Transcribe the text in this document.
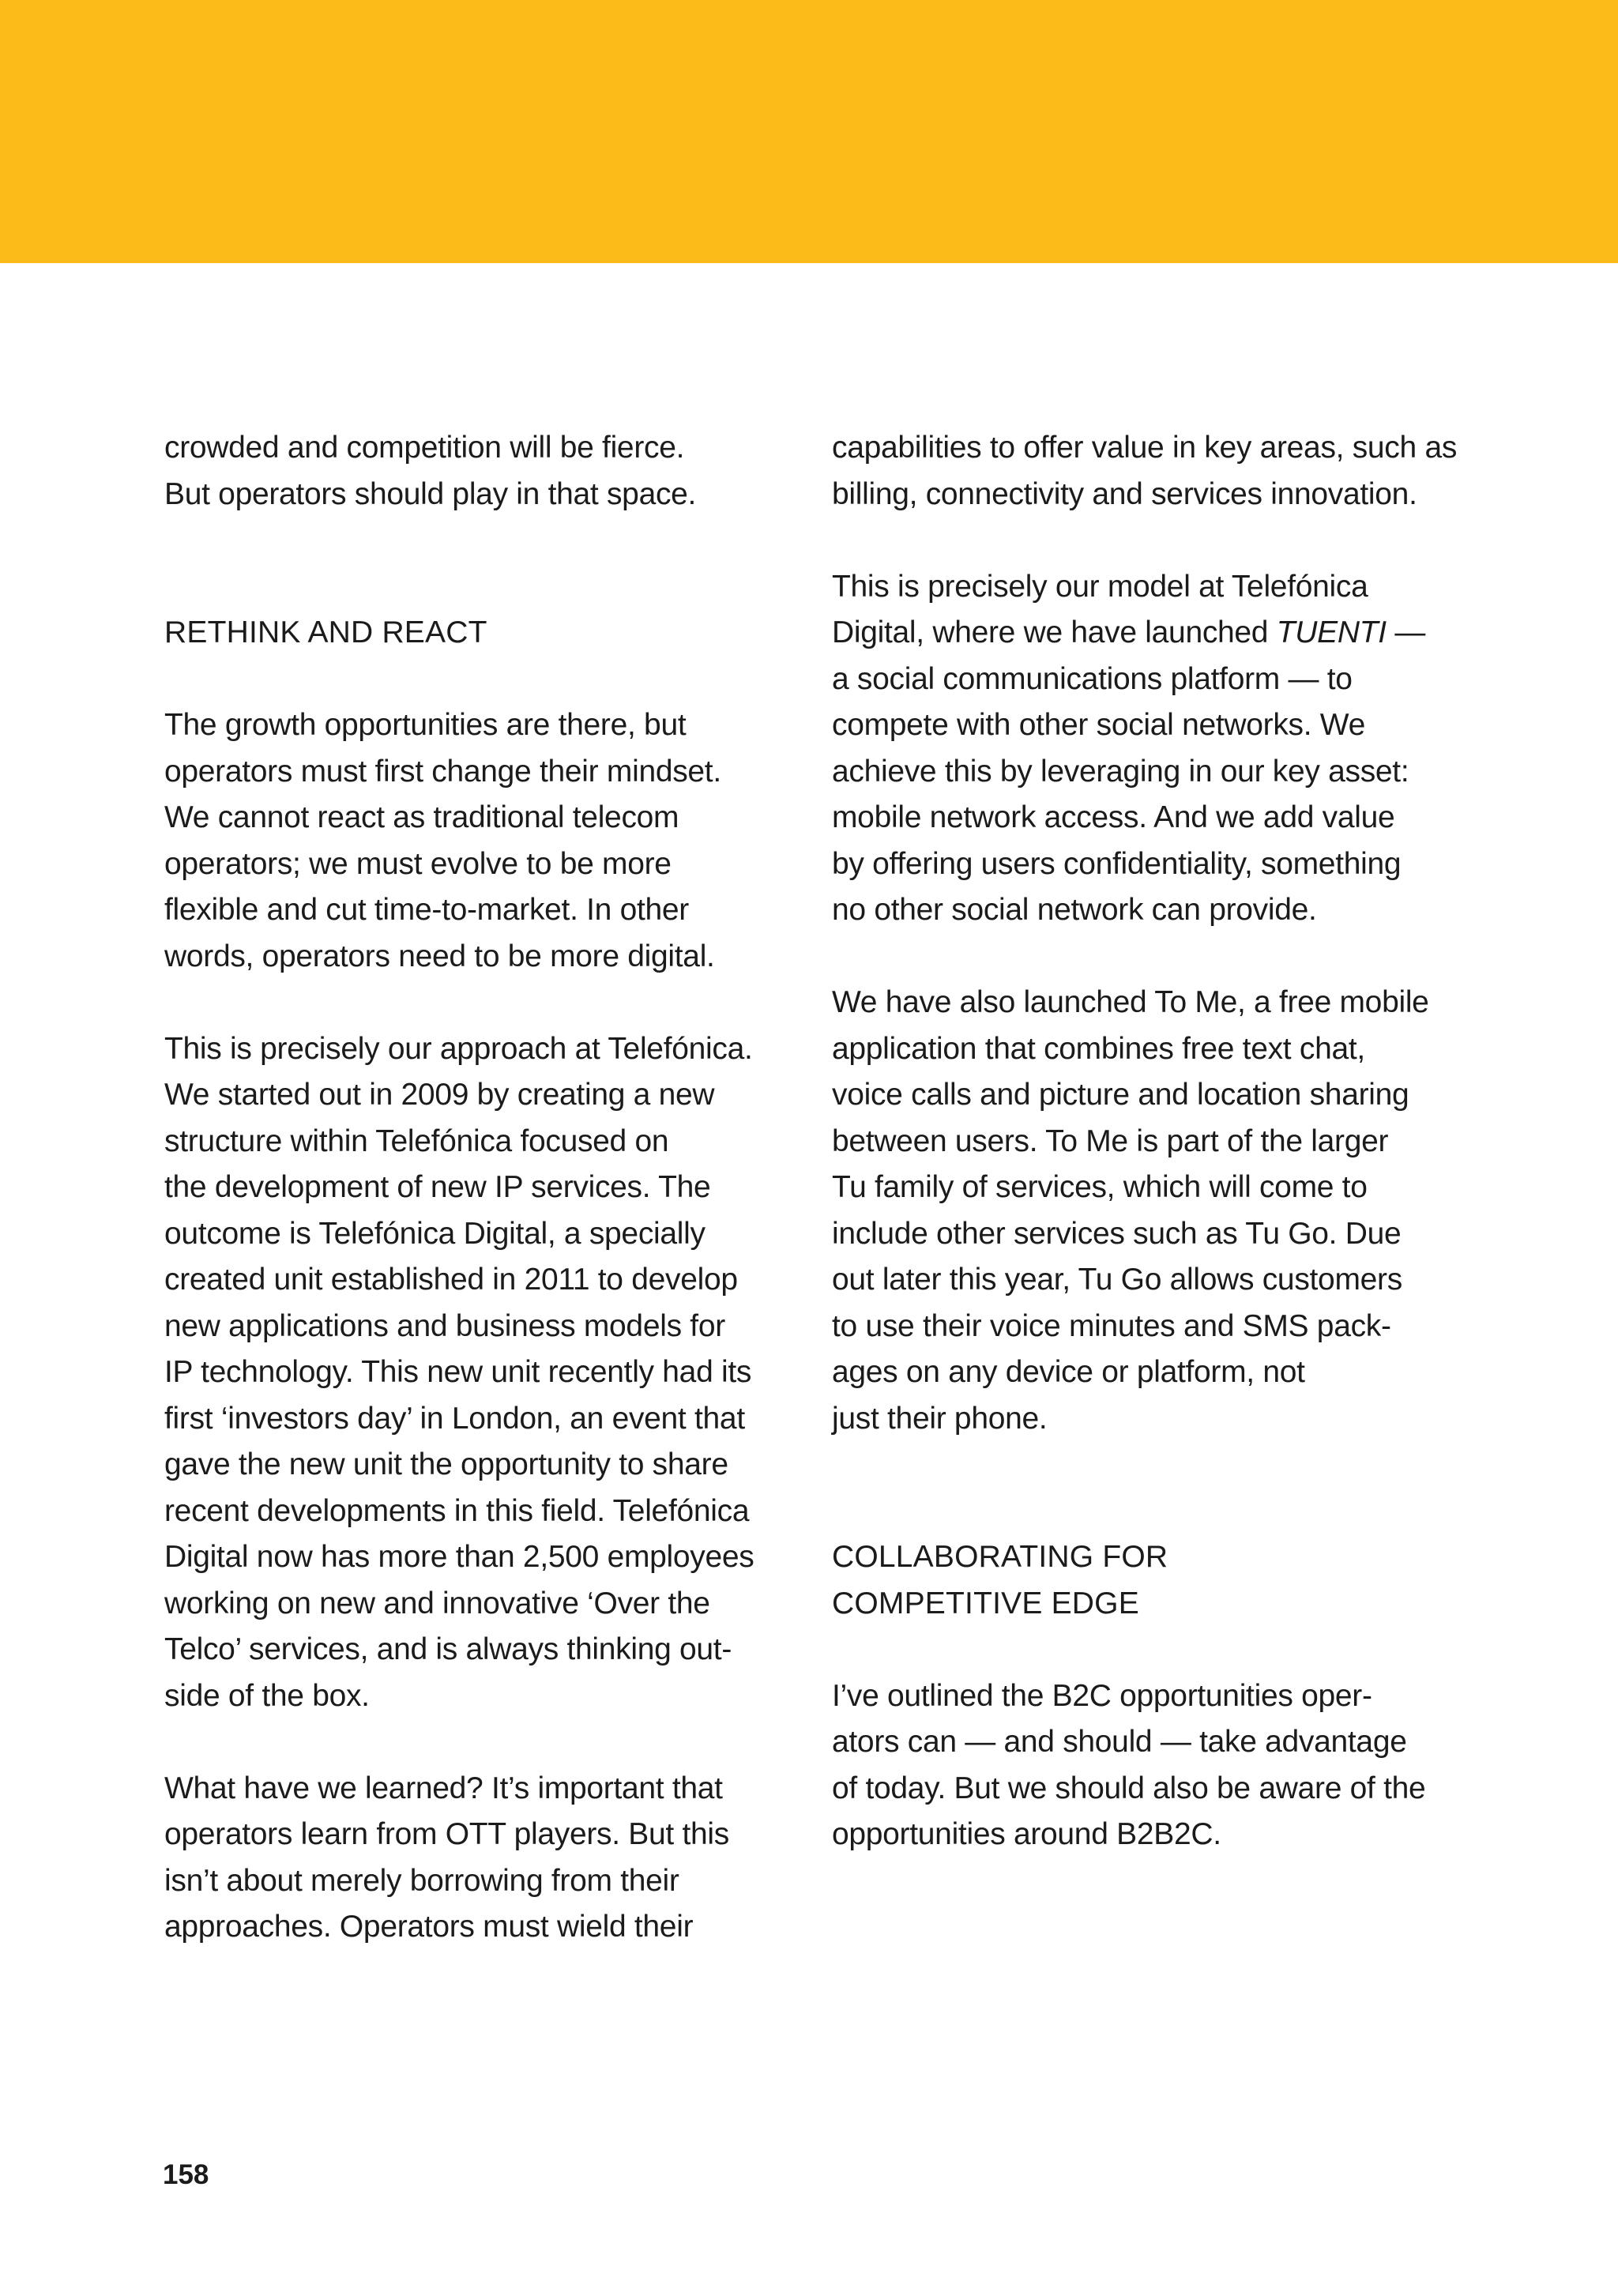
crowded and competition will be fierce.
But operators should play in that space.

RETHINK AND REACT

The growth opportunities are there, but
operators must first change their mindset.
We cannot react as traditional telecom
operators; we must evolve to be more
flexible and cut time-to-market. In other
words, operators need to be more digital.

This is precisely our approach at Telefónica.
We started out in 2009 by creating a new
structure within Telefónica focused on
the development of new IP services. The
outcome is Telefónica Digital, a specially
created unit established in 2011 to develop
new applications and business models for
IP technology. This new unit recently had its
first ‘investors day’ in London, an event that
gave the new unit the opportunity to share
recent developments in this field. Telefónica
Digital now has more than 2,500 employees
working on new and innovative ‘Over the
Telco’ services, and is always thinking out-
side of the box.

What have we learned? It’s important that
operators learn from OTT players. But this
isn’t about merely borrowing from their
approaches. Operators must wield their

capabilities to offer value in key areas, such as
billing, connectivity and services innovation.

This is precisely our model at Telefónica
Digital, where we have launched TUENTI —
a social communications platform — to
compete with other social networks. We
achieve this by leveraging in our key asset:
mobile network access. And we add value
by offering users confidentiality, something
no other social network can provide.

We have also launched To Me, a free mobile
application that combines free text chat,
voice calls and picture and location sharing
between users. To Me is part of the larger
Tu family of services, which will come to
include other services such as Tu Go. Due
out later this year, Tu Go allows customers
to use their voice minutes and SMS pack-
ages on any device or platform, not
just their phone.

COLLABORATING FOR
COMPETITIVE EDGE

I’ve outlined the B2C opportunities oper-
ators can — and should — take advantage
of today. But we should also be aware of the
opportunities around B2B2C.

158
